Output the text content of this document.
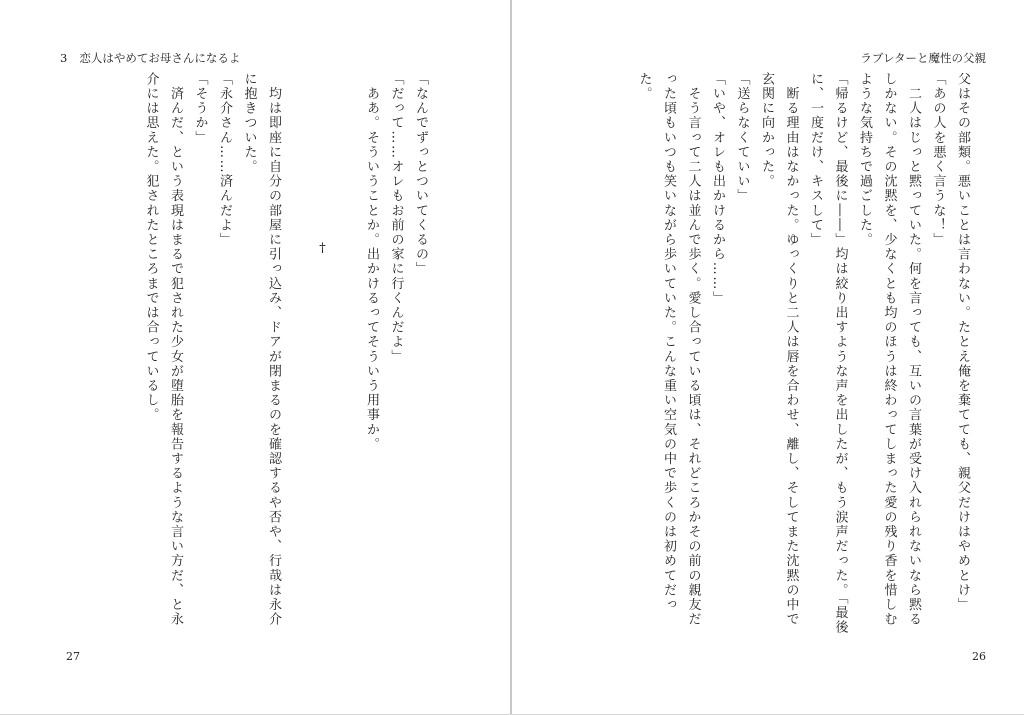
3 恋人はやめてお母さんになるよ

「なんでずっとついてくるの」

「だって……オレもお前の家に行くんだよ」

　ああ。そういうことか。出かけるってそういう用事か。

†

　均は即座に自分の部屋に引っ込み、ドアが閉まるのを確認するや否や、行哉は永介に抱きついた。

「永介さん……済んだよ」

「そうか」

　済んだ、という表現はまるで犯された少女が堕胎を報告するような言い方だ、と永介には思えた。犯されたところまでは合っているし。

27
ラブレターと魔性の父親
26

父はその部類。悪いことは言わない。たとえ俺を棄てても、親父だけはやめとけ」

「あの人を悪く言うな！」

　二人はじっと黙っていた。何を言っても、互いの言葉が受け入れられないなら黙るしかない。その沈黙を、少なくとも均のほうは終わってしまった愛の残り香を惜しむような気持ちで過ごした。

「帰るけど、最後に――」均は絞り出すような声を出したが、もう涙声だった。「最後に、一度だけ、キスして」

　断る理由はなかった。ゆっくりと二人は唇を合わせ、離し、そしてまた沈黙の中で玄関に向かった。

「送らなくていい」

「いや、オレも出かけるから……」

　そう言って二人は並んで歩く。愛し合っている頃は、それどころかその前の親友だった頃もいつも笑いながら歩いていた。こんな重い空気の中で歩くのは初めてだった。
